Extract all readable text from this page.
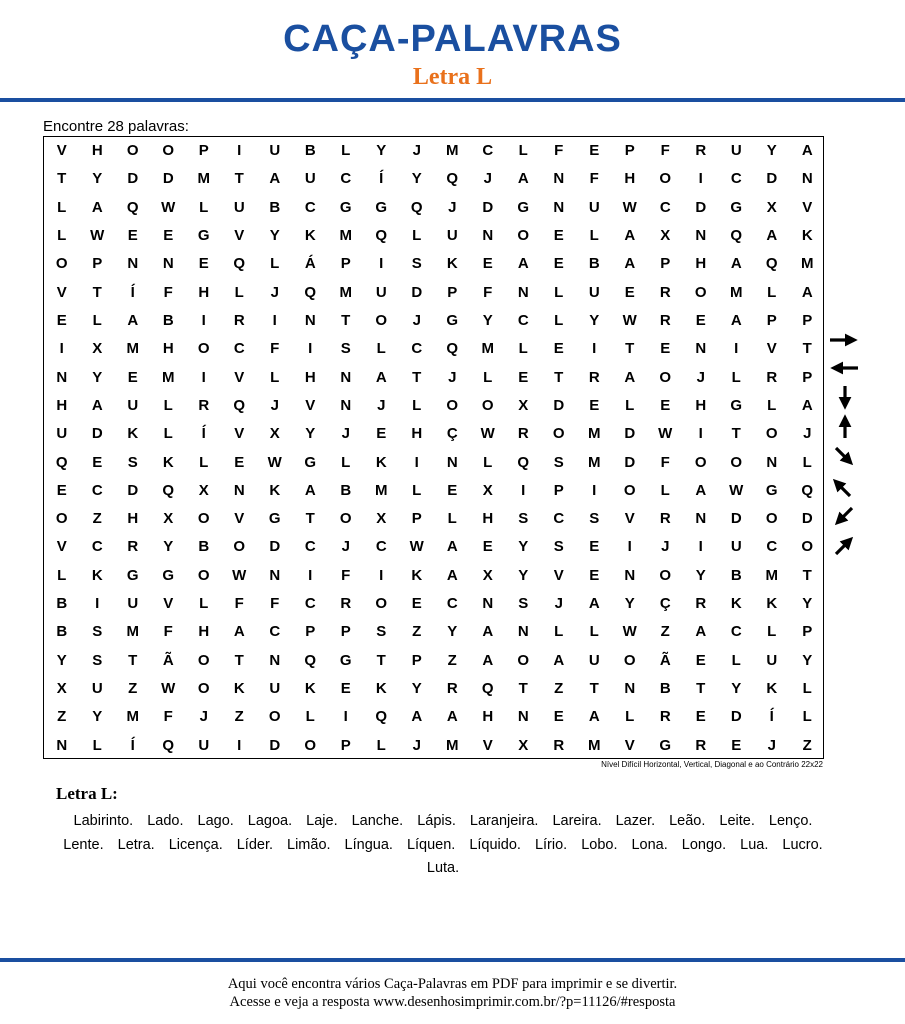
CAÇA-PALAVRAS
Letra L
Encontre 28 palavras:
V	H	O	O	P	I	U	B	L	Y	J	M	C	L	F	E	P	F	R	U	Y	A
T	Y	D	D	M	T	A	U	C	Í	Y	Q	J	A	N	F	H	O	I	C	D	N
L	A	Q	W	L	U	B	C	G	G	Q	J	D	G	N	U	W	C	D	G	X	V
L	W	E	E	G	V	Y	K	M	Q	L	U	N	O	E	L	A	X	N	Q	A	K
O	P	N	N	E	Q	L	Á	P	I	S	K	E	A	E	B	A	P	H	A	Q	M
V	T	Í	F	H	L	J	Q	M	U	D	P	F	N	L	U	E	R	O	M	L	A
E	L	A	B	I	R	I	N	T	O	J	G	Y	C	L	Y	W	R	E	A	P	P
I	X	M	H	O	C	F	I	S	L	C	Q	M	L	E	I	T	E	N	I	V	T
N	Y	E	M	I	V	L	H	N	A	T	J	L	E	T	R	A	O	J	L	R	P
H	A	U	L	R	Q	J	V	N	J	L	O	O	X	D	E	L	E	H	G	L	A
U	D	K	L	Í	V	X	Y	J	E	H	Ç	W	R	O	M	D	W	I	T	O	J
Q	E	S	K	L	E	W	G	L	K	I	N	L	Q	S	M	D	F	O	O	N	L
E	C	D	Q	X	N	K	A	B	M	L	E	X	I	P	I	O	L	A	W	G	Q
O	Z	H	X	O	V	G	T	O	X	P	L	H	S	C	S	V	R	N	D	O	D
V	C	R	Y	B	O	D	C	J	C	W	A	E	Y	S	E	I	J	I	U	C	O
L	K	G	G	O	W	N	I	F	I	K	A	X	Y	V	E	N	O	Y	B	M	T
B	I	U	V	L	F	F	C	R	O	E	C	N	S	J	A	Y	Ç	R	K	K	Y
B	S	M	F	H	A	C	P	P	S	Z	Y	A	N	L	L	W	Z	A	C	L	P
Y	S	T	Ã	O	T	N	Q	G	T	P	Z	A	O	A	U	O	Ã	E	L	U	Y
X	U	Z	W	O	K	U	K	E	K	Y	R	Q	T	Z	T	N	B	T	Y	K	L
Z	Y	M	F	J	Z	O	L	I	Q	A	A	H	N	E	A	L	R	E	D	Í	L
N	L	Í	Q	U	I	D	O	P	L	J	M	V	X	R	M	V	G	R	E	J	Z
Nível Difícil Horizontal, Vertical, Diagonal e ao Contrário 22x22
Letra L:
Labirinto. Lado. Lago. Lagoa. Laje. Lanche. Lápis. Laranjeira. Lareira. Lazer. Leão. Leite. Lenço.Lente. Letra. Licença. Líder. Limão. Língua. Líquen. Líquido. Lírio. Lobo. Lona. Longo. Lua. Lucro.Luta.
Aqui você encontra vários Caça-Palavras em PDF para imprimir e se divertir.
Acesse e veja a resposta www.desenhosimprimir.com.br/?p=11126/#resposta
